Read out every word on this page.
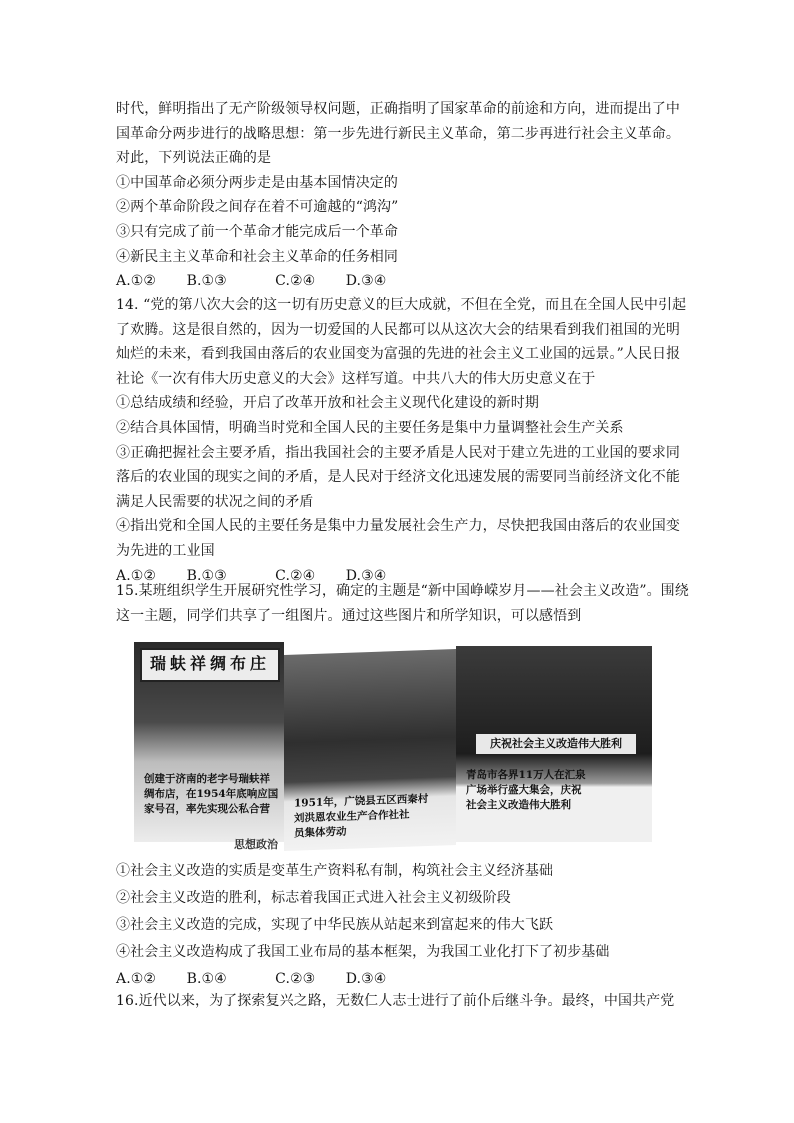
时代，鲜明指出了无产阶级领导权问题，正确指明了国家革命的前途和方向，进而提出了中
国革命分两步进行的战略思想：第一步先进行新民主义革命，第二步再进行社会主义革命。
对此，下列说法正确的是
①中国革命必须分两步走是由基本国情决定的
②两个革命阶段之间存在着不可逾越的“鸿沟”
③只有完成了前一个革命才能完成后一个革命
④新民主主义革命和社会主义革命的任务相同
A.①② B.①③	C.②④ D.③④
14. “党的第八次大会的这一切有历史意义的巨大成就，不但在全党，而且在全国人民中引起
了欢腾。这是很自然的，因为一切爱国的人民都可以从这次大会的结果看到我们祖国的光明
灿烂的未来，看到我国由落后的农业国变为富强的先进的社会主义工业国的远景。”人民日报
社论《一次有伟大历史意义的大会》这样写道。中共八大的伟大历史意义在于
①总结成绩和经验，开启了改革开放和社会主义现代化建设的新时期
②结合具体国情，明确当时党和全国人民的主要任务是集中力量调整社会生产关系
③正确把握社会主要矛盾，指出我国社会的主要矛盾是人民对于建立先进的工业国的要求同
落后的农业国的现实之间的矛盾，是人民对于经济文化迅速发展的需要同当前经济文化不能
满足人民需要的状况之间的矛盾
④指出党和全国人民的主要任务是集中力量发展社会生产力，尽快把我国由落后的农业国变
为先进的工业国
A.①② B.①③	C.②④ D.③④
15.某班组织学生开展研究性学习，确定的主题是“新中国峥嵘岁月——社会主义改造”。围绕
这一主题，同学们共享了一组图片。通过这些图片和所学知识，可以感悟到
瑞蚨祥绸布庄
创建于济南的老字号瑞蚨祥
绸布店，在1954年底响应国
家号召，率先实现公私合营	1951年，广饶县五区西秦村
刘洪恩农业生产合作社社
员集体劳动
庆祝社会主义改造伟大胜利
青岛市各界11万人在汇泉
广场举行盛大集会，庆祝
社会主义改造伟大胜利
思想政治
①社会主义改造的实质是变革生产资料私有制，构筑社会主义经济基础
②社会主义改造的胜利，标志着我国正式进入社会主义初级阶段
③社会主义改造的完成，实现了中华民族从站起来到富起来的伟大飞跃
④社会主义改造构成了我国工业布局的基本框架，为我国工业化打下了初步基础
A.①② B.①④	C.②③ D.③④
16.近代以来，为了探索复兴之路，无数仁人志士进行了前仆后继斗争。最终，中国共产党
